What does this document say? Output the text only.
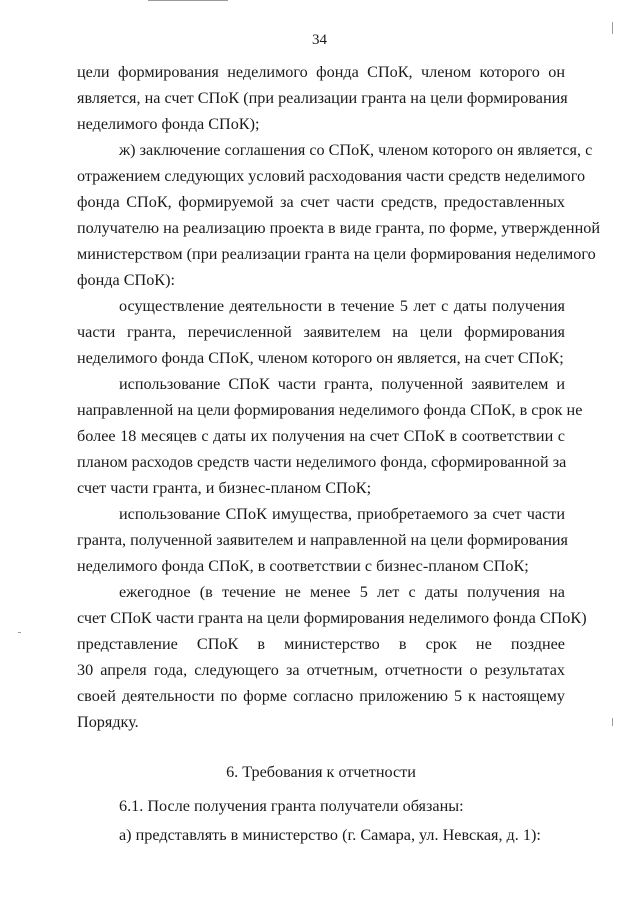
34
цели формирования неделимого фонда СПоК, членом которого он
является, на счет СПоК (при реализации гранта на цели формирования
неделимого фонда СПоК);
ж) заключение соглашения со СПоК, членом которого он является, с
отражением следующих условий расходования части средств неделимого
фонда СПоК, формируемой за счет части средств, предоставленных
получателю на реализацию проекта в виде гранта, по форме, утвержденной
министерством (при реализации гранта на цели формирования неделимого
фонда СПоК):
осуществление деятельности в течение 5 лет с даты получения
части гранта, перечисленной заявителем на цели формирования
неделимого фонда СПоК, членом которого он является, на счет СПоК;
использование СПоК части гранта, полученной заявителем и
направленной на цели формирования неделимого фонда СПоК, в срок не
более 18 месяцев с даты их получения на счет СПоК в соответствии с
планом расходов средств части неделимого фонда, сформированной за
счет части гранта, и бизнес-планом СПоК;
использование СПоК имущества, приобретаемого за счет части
гранта, полученной заявителем и направленной на цели формирования
неделимого фонда СПоК, в соответствии с бизнес-планом СПоК;
ежегодное (в течение не менее 5 лет с даты получения на
счет СПоК части гранта на цели формирования неделимого фонда СПоК)
представление СПоК в министерство в срок не позднее
30 апреля года, следующего за отчетным, отчетности о результатах
своей деятельности по форме согласно приложению 5 к настоящему
Порядку.
6. Требования к отчетности
6.1. После получения гранта получатели обязаны:
а) представлять в министерство (г. Самара, ул. Невская, д. 1):
